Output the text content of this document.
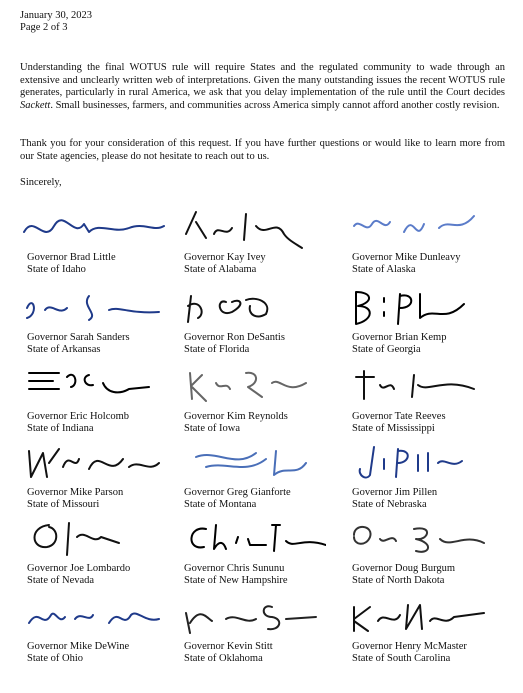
January 30, 2023
Page 2 of 3
Understanding the final WOTUS rule will require States and the regulated community to wade through an extensive and unclearly written web of interpretations. Given the many outstanding issues the recent WOTUS rule generates, particularly in rural America, we ask that you delay implementation of the rule until the Court decides Sackett. Small businesses, farmers, and communities across America simply cannot afford another costly revision.
Thank you for your consideration of this request. If you have further questions or would like to learn more from our State agencies, please do not hesitate to reach out to us.
Sincerely,
Governor Brad Little
State of Idaho
Governor Kay Ivey
State of Alabama
Governor Mike Dunleavy
State of Alaska
Governor Sarah Sanders
State of Arkansas
Governor Ron DeSantis
State of Florida
Governor Brian Kemp
State of Georgia
Governor Eric Holcomb
State of Indiana
Governor Kim Reynolds
State of Iowa
Governor Tate Reeves
State of Mississippi
Governor Mike Parson
State of Missouri
Governor Greg Gianforte
State of Montana
Governor Jim Pillen
State of Nebraska
Governor Joe Lombardo
State of Nevada
Governor Chris Sununu
State of New Hampshire
Governor Doug Burgum
State of North Dakota
Governor Mike DeWine
State of Ohio
Governor Kevin Stitt
State of Oklahoma
Governor Henry McMaster
State of South Carolina
